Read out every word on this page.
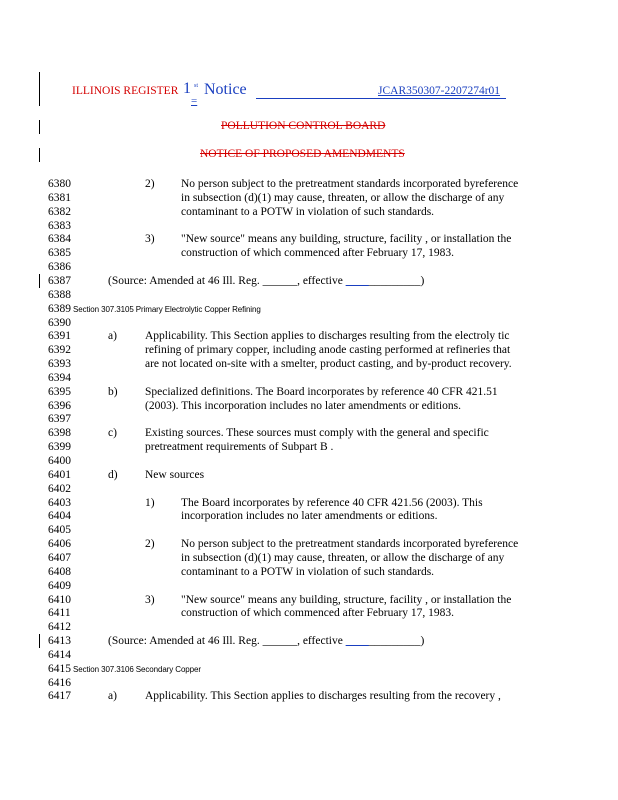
ILLINOIS REGISTER 1 st
=
Notice	JCAR350307-2207274r01
POLLUTION CONTROL BOARD
NOTICE OF PROPOSED AMENDMENTS
6380	2) No person subject to the pretreatment standards incorporated byreference
6381	in subsection (d)(1) may cause, threaten, or allow the discharge of any
6382	contaminant to a POTW in violation of such standards.
6383
6384	3) "New source" means any building, structure, facility , or installation the
6385	construction of which commenced after February 17, 1983.
6386
6387	(Source: Amended at 46 Ill. Reg. ______, effective _____________)
6388
6389 Section 307.3105 Primary Electrolytic Copper Refining
6390
6391	a) Applicability. This Section applies to discharges resulting from the electroly tic
6392	refining of primary copper, including anode casting performed at refineries that
6393	are not located on-site with a smelter, product casting, and by-product recovery.
6394
6395	b) Specialized definitions. The Board incorporates by reference 40 CFR 421.51
6396	(2003). This incorporation includes no later amendments or editions.
6397
6398	c) Existing sources. These sources must comply with the general and specific
6399	pretreatment requirements of Subpart B .
6400
6401	d) New sources
6402
6403	1) The Board incorporates by reference 40 CFR 421.56 (2003). This
6404	incorporation includes no later amendments or editions.
6405
6406	2) No person subject to the pretreatment standards incorporated byreference
6407	in subsection (d)(1) may cause, threaten, or allow the discharge of any
6408	contaminant to a POTW in violation of such standards.
6409
6410	3) "New source" means any building, structure, facility , or installation the
6411	construction of which commenced after February 17, 1983.
6412
6413	(Source: Amended at 46 Ill. Reg. ______, effective _____________)
6414
6415 Section 307.3106 Secondary Copper
6416
6417	a) Applicability. This Section applies to discharges resulting from the recovery ,
